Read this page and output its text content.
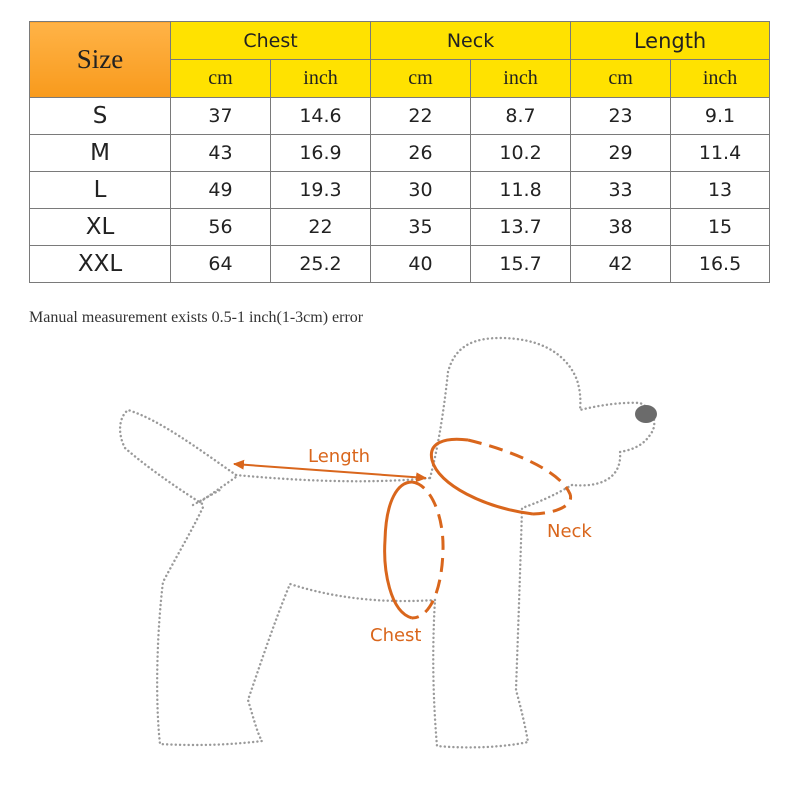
Size	Chest		Neck		Length	
	cm	inch	cm	inch	cm	inch
S	37	14.6	22	8.7	23	9.1
M	43	16.9	26	10.2	29	11.4
L	49	19.3	30	11.8	33	13
XL	56	22	35	13.7	38	15
XXL	64	25.2	40	15.7	42	16.5

Manual measurement exists 0.5-1 inch(1-3cm) error

Length
Neck
Chest
